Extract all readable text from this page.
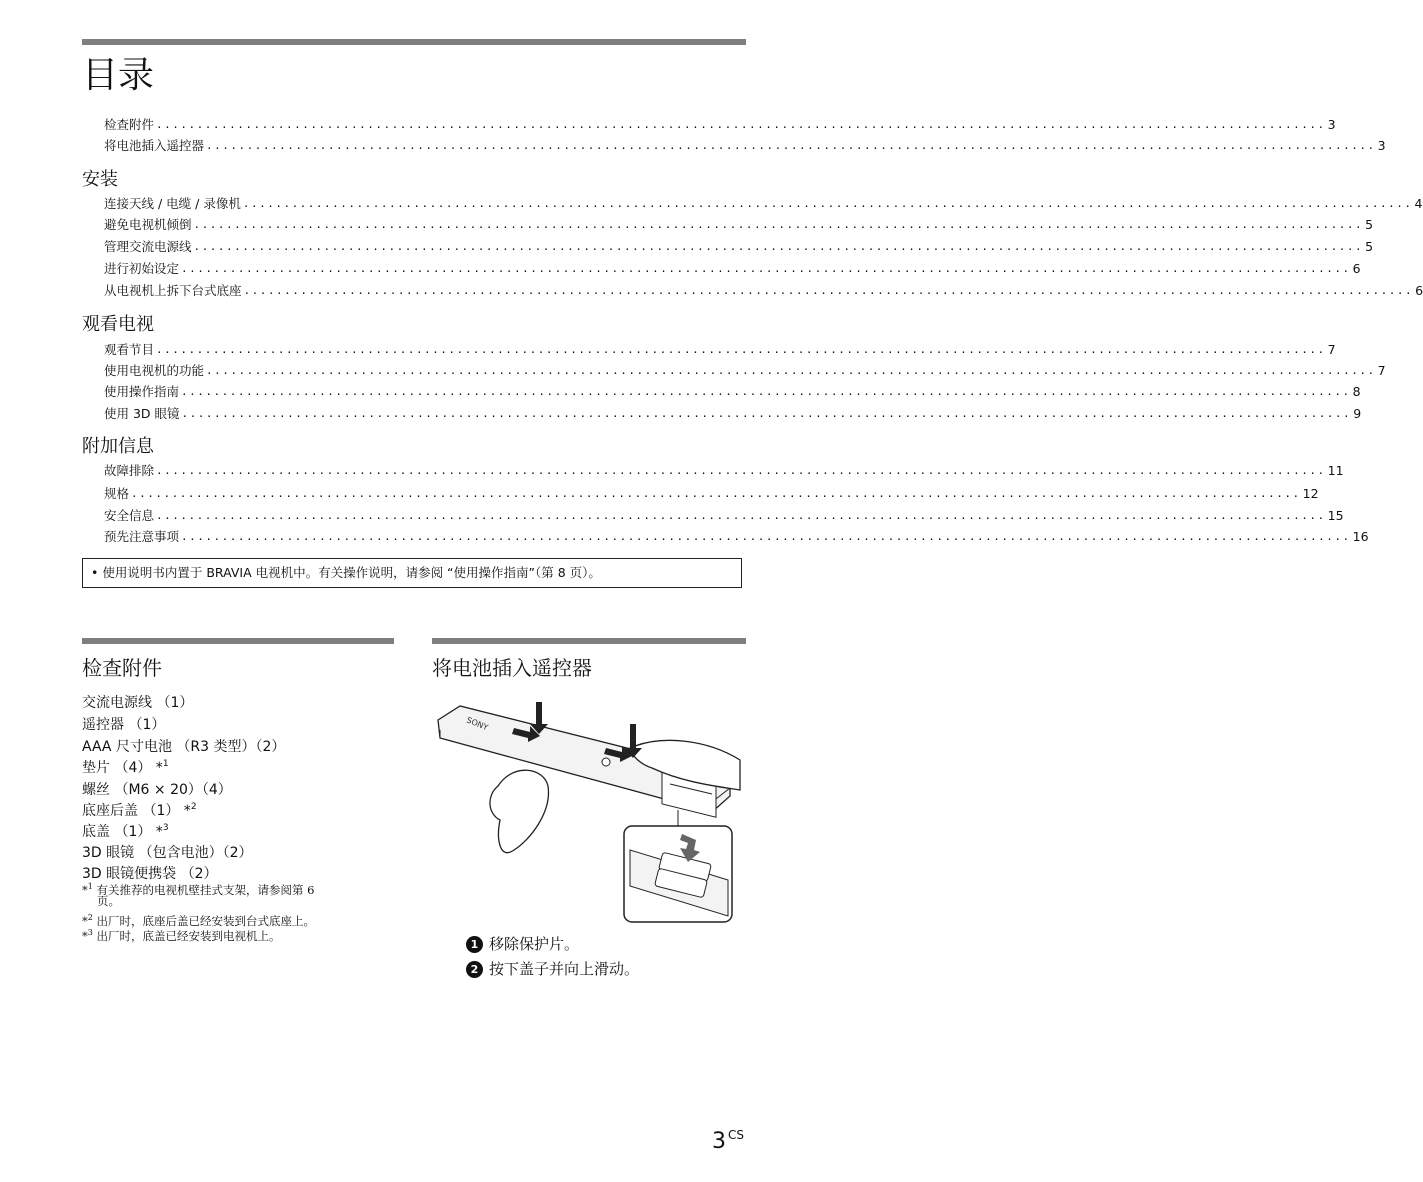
目录
检查附件 ................................................................................................................................................ 3
将电池插入遥控器 ................................................................................................................................................ 3
安装
连接天线 / 电缆 / 录像机 ................................................................................................................................................ 4
避免电视机倾倒 ................................................................................................................................................ 5
管理交流电源线 ................................................................................................................................................ 5
进行初始设定 ................................................................................................................................................ 6
从电视机上拆下台式底座 ................................................................................................................................................ 6
观看电视
观看节目 ................................................................................................................................................ 7
使用电视机的功能 ................................................................................................................................................ 7
使用操作指南 ................................................................................................................................................ 8
使用 3D 眼镜 ................................................................................................................................................ 9
附加信息
故障排除 ................................................................................................................................................ 11
规格 ................................................................................................................................................ 12
安全信息 ................................................................................................................................................ 15
预先注意事项 ................................................................................................................................................ 16
• 使用说明书内置于 BRAVIA 电视机中。有关操作说明，请参阅 “使用操作指南”（第 8 页）。
检查附件
交流电源线 （1）
遥控器 （1）
AAA 尺寸电池 （R3 类型）（2）
垫片 （4） *$^1$
螺丝 （M6 × 20）（4）
底座后盖 （1） *$^2$
底盖 （1） *$^3$
3D 眼镜 （包含电池）（2）
3D 眼镜便携袋 （2）
*$^1$ 有关推荐的电视机壁挂式支架，请参阅第 6
页。
*$^2$ 出厂时，底座后盖已经安装到台式底座上。
*$^3$ 出厂时，底盖已经安装到电视机上。
将电池插入遥控器
SONY
1 移除保护片。
2 按下盖子并向上滑动。
3 $^{CS}$
